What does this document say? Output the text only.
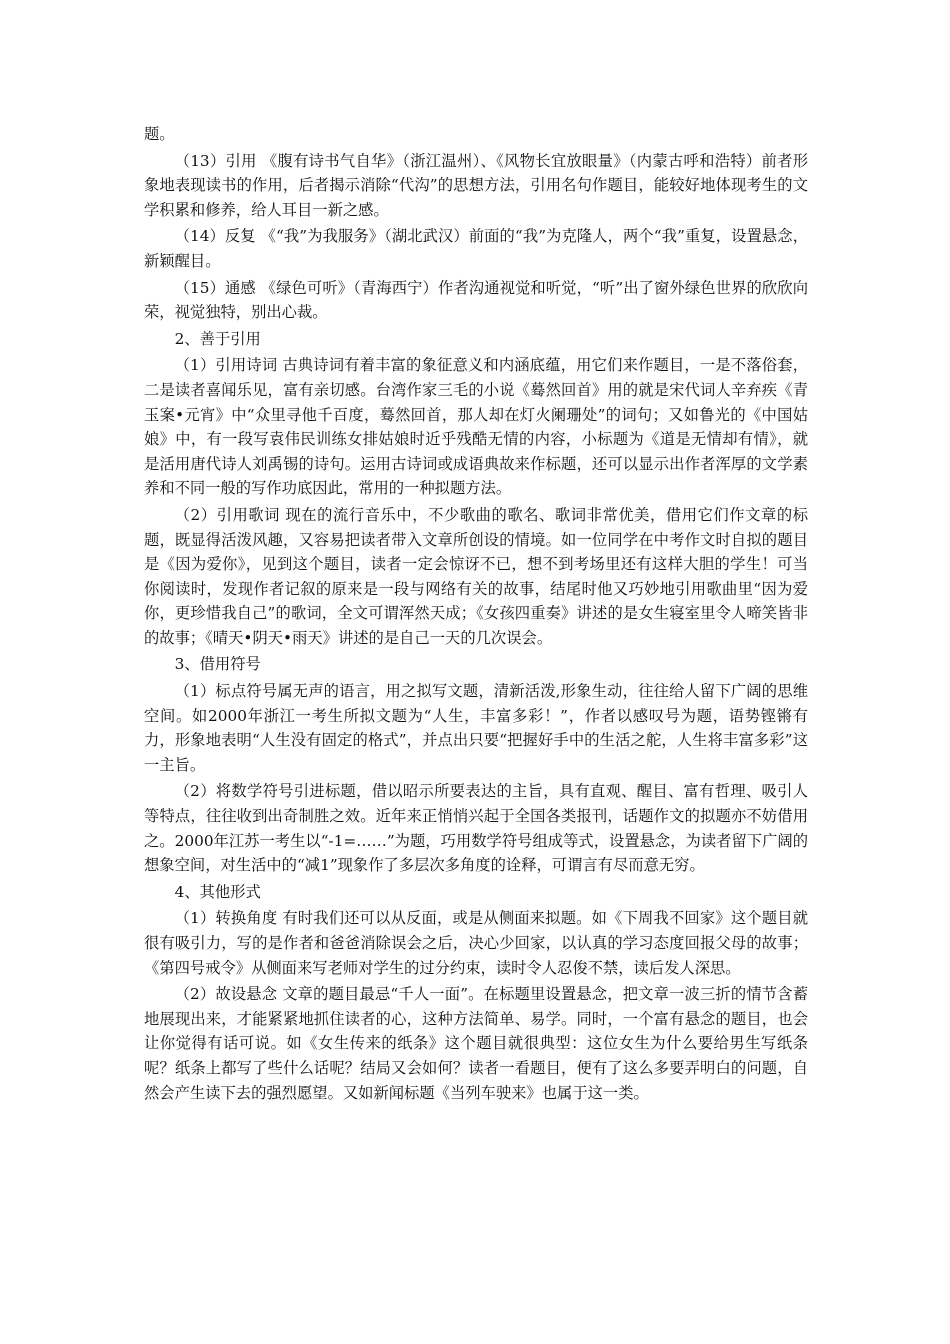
题。

（13）引用 《腹有诗书气自华》（浙江温州）、《风物长宜放眼量》（内蒙古呼和浩特）前者形象地表现读书的作用，后者揭示消除“代沟”的思想方法，引用名句作题目，能较好地体现考生的文学积累和修养，给人耳目一新之感。

（14）反复 《“我”为我服务》（湖北武汉）前面的“我”为克隆人，两个“我”重复，设置悬念，新颖醒目。

（15）通感 《绿色可听》（青海西宁）作者沟通视觉和听觉，“听”出了窗外绿色世界的欣欣向荣，视觉独特，别出心裁。

2、善于引用

（1）引用诗词 古典诗词有着丰富的象征意义和内涵底蕴，用它们来作题目，一是不落俗套，二是读者喜闻乐见，富有亲切感。台湾作家三毛的小说《蓦然回首》用的就是宋代词人辛弃疾《青玉案•元宵》中“众里寻他千百度，蓦然回首，那人却在灯火阑珊处”的词句；又如鲁光的《中国姑娘》中，有一段写袁伟民训练女排姑娘时近乎残酷无情的内容，小标题为《道是无情却有情》，就是活用唐代诗人刘禹锡的诗句。运用古诗词或成语典故来作标题，还可以显示出作者浑厚的文学素养和不同一般的写作功底因此，常用的一种拟题方法。

（2）引用歌词 现在的流行音乐中，不少歌曲的歌名、歌词非常优美，借用它们作文章的标题，既显得活泼风趣，又容易把读者带入文章所创设的情境。如一位同学在中考作文时自拟的题目是《因为爱你》，见到这个题目，读者一定会惊讶不已，想不到考场里还有这样大胆的学生！可当你阅读时，发现作者记叙的原来是一段与网络有关的故事，结尾时他又巧妙地引用歌曲里“因为爱你，更珍惜我自己”的歌词，全文可谓浑然天成；《女孩四重奏》讲述的是女生寝室里令人啼笑皆非的故事；《晴天•阴天•雨天》讲述的是自己一天的几次误会。

3、借用符号

（1）标点符号属无声的语言，用之拟写文题，清新活泼,形象生动，往往给人留下广阔的思维空间。如2000年浙江一考生所拟文题为“人生，丰富多彩！”，作者以感叹号为题，语势铿锵有力，形象地表明“人生没有固定的格式”，并点出只要“把握好手中的生活之舵，人生将丰富多彩”这一主旨。

（2）将数学符号引进标题，借以昭示所要表达的主旨，具有直观、醒目、富有哲理、吸引人等特点，往往收到出奇制胜之效。近年来正悄悄兴起于全国各类报刊，话题作文的拟题亦不妨借用之。2000年江苏一考生以“-1=……”为题，巧用数学符号组成等式，设置悬念，为读者留下广阔的想象空间，对生活中的“减1”现象作了多层次多角度的诠释，可谓言有尽而意无穷。

4、其他形式

（1）转换角度 有时我们还可以从反面，或是从侧面来拟题。如《下周我不回家》这个题目就很有吸引力，写的是作者和爸爸消除误会之后，决心少回家，以认真的学习态度回报父母的故事；《第四号戒令》从侧面来写老师对学生的过分约束，读时令人忍俊不禁，读后发人深思。

（2）故设悬念 文章的题目最忌“千人一面”。在标题里设置悬念，把文章一波三折的情节含蓄地展现出来，才能紧紧地抓住读者的心，这种方法简单、易学。同时，一个富有悬念的题目，也会让你觉得有话可说。如《女生传来的纸条》这个题目就很典型：这位女生为什么要给男生写纸条呢？纸条上都写了些什么话呢？结局又会如何？读者一看题目，便有了这么多要弄明白的问题，自然会产生读下去的强烈愿望。又如新闻标题《当列车驶来》也属于这一类。
